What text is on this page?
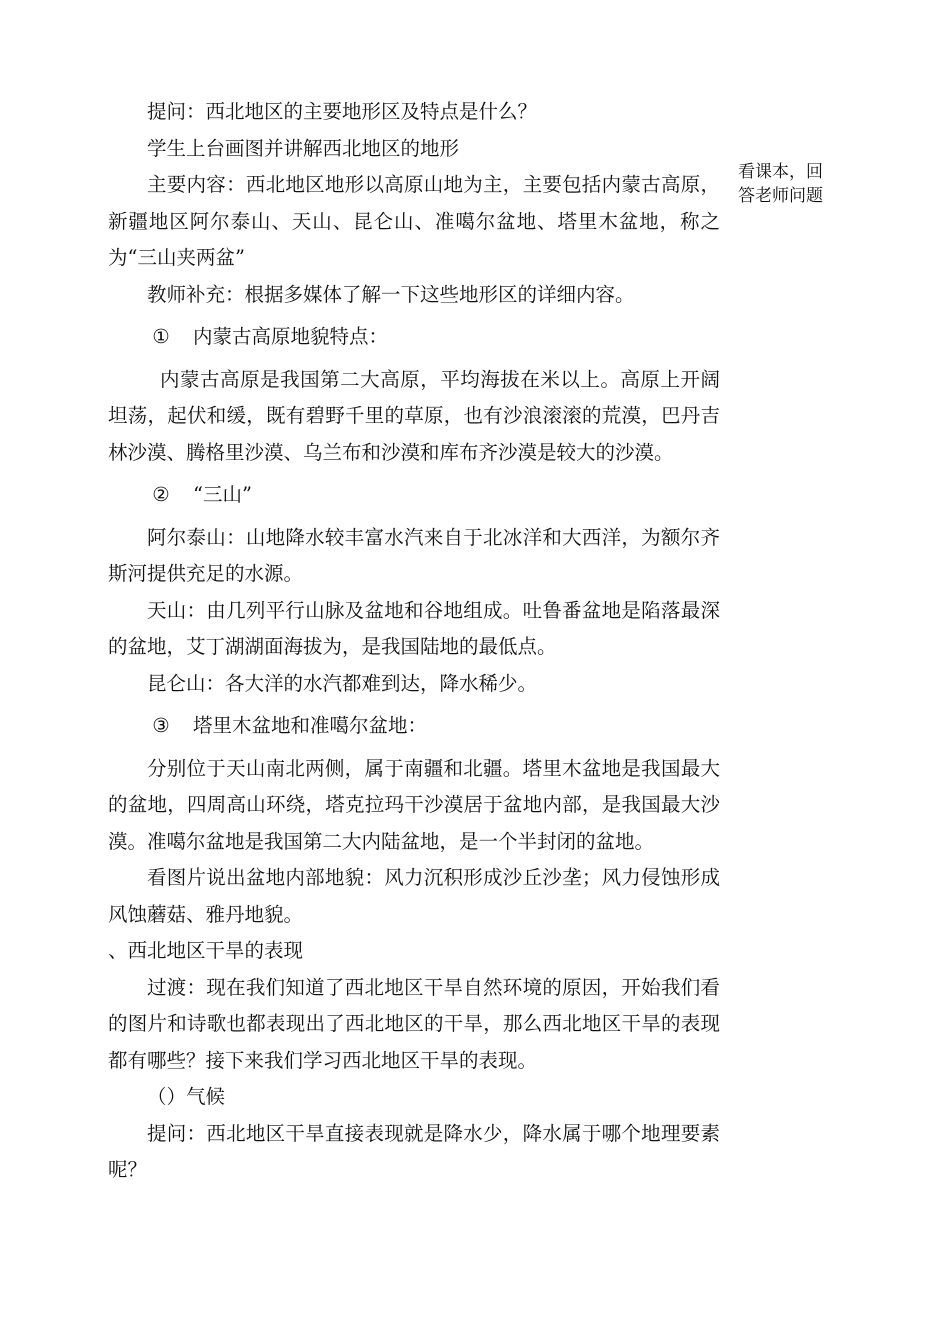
提问：西北地区的主要地形区及特点是什么？

学生上台画图并讲解西北地区的地形

主要内容：西北地区地形以高原山地为主，主要包括内蒙古高原，新疆地区阿尔泰山、天山、昆仑山、准噶尔盆地、塔里木盆地，称之为“三山夹两盆”

教师补充：根据多媒体了解一下这些地形区的详细内容。

① 内蒙古高原地貌特点：

内蒙古高原是我国第二大高原，平均海拔在米以上。高原上开阔坦荡，起伏和缓，既有碧野千里的草原，也有沙浪滚滚的荒漠，巴丹吉林沙漠、腾格里沙漠、乌兰布和沙漠和库布齐沙漠是较大的沙漠。

② “三山”

阿尔泰山：山地降水较丰富水汽来自于北冰洋和大西洋，为额尔齐斯河提供充足的水源。

天山：由几列平行山脉及盆地和谷地组成。吐鲁番盆地是陷落最深的盆地，艾丁湖湖面海拔为，是我国陆地的最低点。

昆仑山：各大洋的水汽都难到达，降水稀少。

③ 塔里木盆地和准噶尔盆地：

分别位于天山南北两侧，属于南疆和北疆。塔里木盆地是我国最大的盆地，四周高山环绕，塔克拉玛干沙漠居于盆地内部，是我国最大沙漠。准噶尔盆地是我国第二大内陆盆地，是一个半封闭的盆地。

看图片说出盆地内部地貌：风力沉积形成沙丘沙垄；风力侵蚀形成风蚀蘑菇、雅丹地貌。

、西北地区干旱的表现

过渡：现在我们知道了西北地区干旱自然环境的原因，开始我们看的图片和诗歌也都表现出了西北地区的干旱，那么西北地区干旱的表现都有哪些？接下来我们学习西北地区干旱的表现。

（）气候

提问：西北地区干旱直接表现就是降水少，降水属于哪个地理要素呢？

看课本，回答老师问题
